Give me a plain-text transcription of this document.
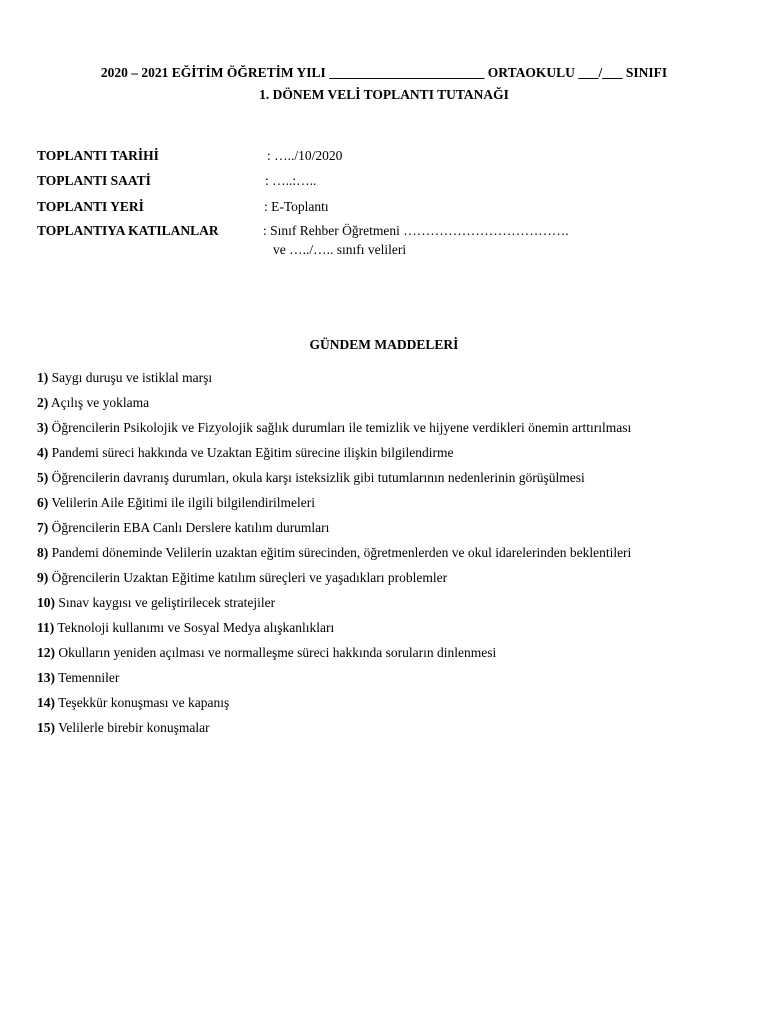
2020 – 2021 EĞİTİM ÖĞRETİM YILI _______________________ ORTAOKULU ___/___ SINIFI
1. DÖNEM VELİ TOPLANTI TUTANAĞI
TOPLANTI TARİHİ	: …../10/2020
TOPLANTI SAATİ	: …..:…..
TOPLANTI YERİ	: E-Toplantı
TOPLANTIYA KATILANLAR	: Sınıf Rehber Öğretmeni ……………………………….
ve …../….. sınıfı velileri
GÜNDEM MADDELERİ
1) Saygı duruşu ve istiklal marşı
2) Açılış ve yoklama
3) Öğrencilerin Psikolojik ve Fizyolojik sağlık durumları ile temizlik ve hijyene verdikleri önemin arttırılması
4) Pandemi süreci hakkında ve Uzaktan Eğitim sürecine ilişkin bilgilendirme
5) Öğrencilerin davranış durumları, okula karşı isteksizlik gibi tutumlarının nedenlerinin görüşülmesi
6) Velilerin Aile Eğitimi ile ilgili bilgilendirilmeleri
7) Öğrencilerin EBA Canlı Derslere katılım durumları
8) Pandemi döneminde Velilerin uzaktan eğitim sürecinden, öğretmenlerden ve okul idarelerinden beklentileri
9) Öğrencilerin Uzaktan Eğitime katılım süreçleri ve yaşadıkları problemler
10) Sınav kaygısı ve geliştirilecek stratejiler
11) Teknoloji kullanımı ve Sosyal Medya alışkanlıkları
12) Okulların yeniden açılması ve normalleşme süreci hakkında soruların dinlenmesi
13) Temenniler
14) Teşekkür konuşması ve kapanış
15) Velilerle birebir konuşmalar
